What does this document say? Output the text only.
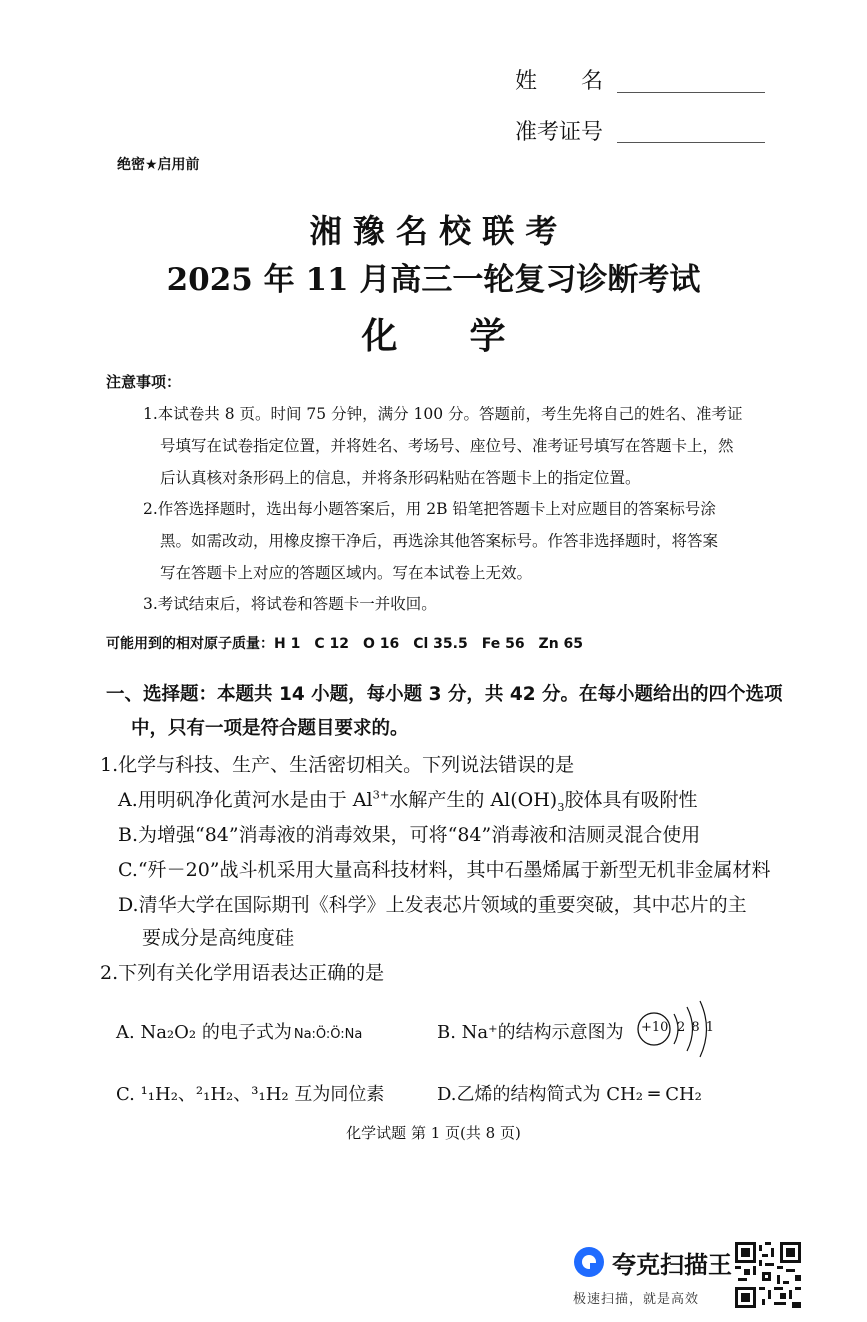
姓　　名
准考证号
绝密★启用前
湘 豫 名 校 联 考
2025 年 11 月高三一轮复习诊断考试
化　　学
注意事项：
1.本试卷共 8 页。时间 75 分钟，满分 100 分。答题前，考生先将自己的姓名、准考证
号填写在试卷指定位置，并将姓名、考场号、座位号、准考证号填写在答题卡上，然
后认真核对条形码上的信息，并将条形码粘贴在答题卡上的指定位置。
2.作答选择题时，选出每小题答案后，用 2B 铅笔把答题卡上对应题目的答案标号涂
黑。如需改动，用橡皮擦干净后，再选涂其他答案标号。作答非选择题时，将答案
写在答题卡上对应的答题区域内。写在本试卷上无效。
3.考试结束后，将试卷和答题卡一并收回。
可能用到的相对原子质量：H 1　C 12　O 16　Cl 35.5　Fe 56　Zn 65
一、选择题：本题共 14 小题，每小题 3 分，共 42 分。在每小题给出的四个选项
中，只有一项是符合题目要求的。
1.化学与科技、生产、生活密切相关。下列说法错误的是
A.用明矾净化黄河水是由于 $Al^{3+}$水解产生的 $Al(OH)_3$胶体具有吸附性
B.为增强“84”消毒液的消毒效果，可将“84”消毒液和洁厕灵混合使用
C.“歼－20”战斗机采用大量高科技材料，其中石墨烯属于新型无机非金属材料
D.清华大学在国际期刊《科学》上发表芯片领域的重要突破，其中芯片的主
要成分是高纯度硅
2.下列有关化学用语表达正确的是
A. Na₂O₂ 的电子式为 Na:Ö:Ö:Na	B. Na⁺的结构示意图为 +10 2 8 1
C. ¹₁H₂、²₁H₂、³₁H₂ 互为同位素	D.乙烯的结构简式为 CH₂ ═ CH₂
化学试题 第 1 页(共 8 页)
夸克扫描王
极速扫描，就是高效
